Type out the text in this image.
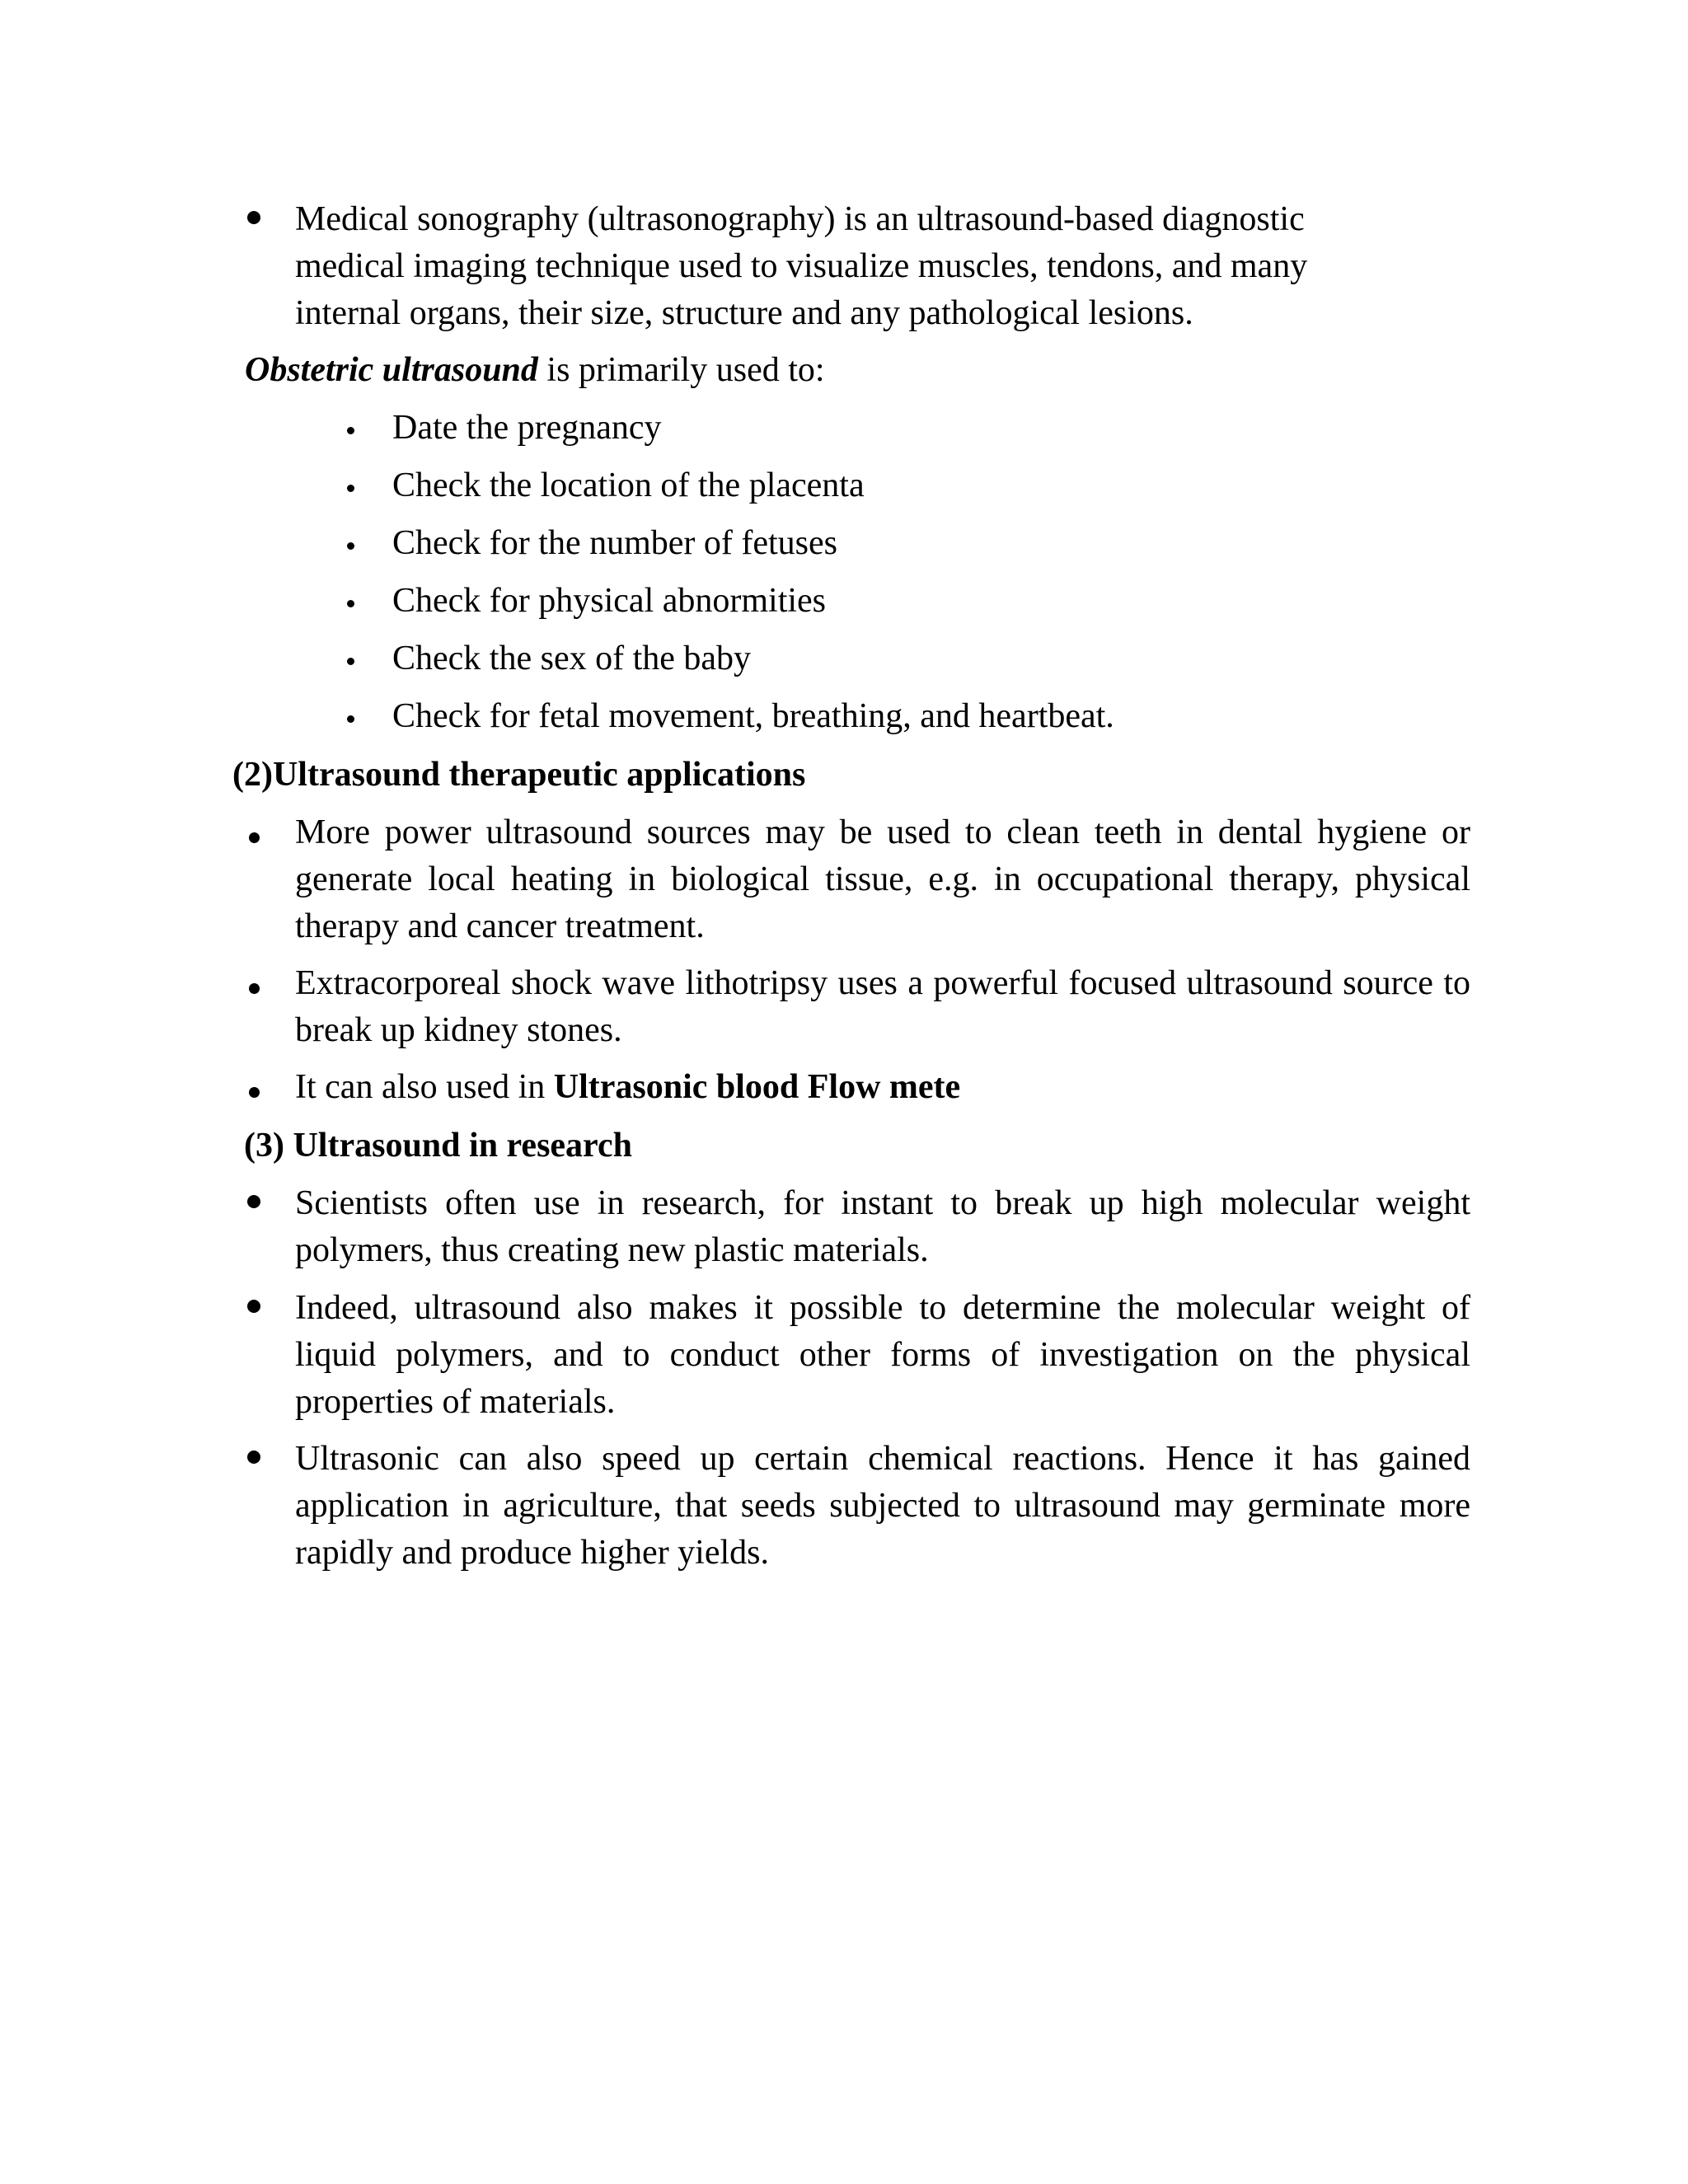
Medical sonography (ultrasonography) is an ultrasound-based diagnostic medical imaging technique used to visualize muscles, tendons, and many internal organs, their size, structure and any pathological lesions.
Obstetric ultrasound is primarily used to:
Date the pregnancy
Check the location of the placenta
Check for the number of fetuses
Check for physical abnormities
Check the sex of the baby
Check for fetal movement, breathing, and heartbeat.
(2)Ultrasound therapeutic applications
More power ultrasound sources may be used to clean teeth in dental hygiene or generate local heating in biological tissue, e.g. in occupational therapy, physical therapy and cancer treatment.
Extracorporeal shock wave lithotripsy uses a powerful focused ultrasound source to break up kidney stones.
It can also used in Ultrasonic blood Flow mete
(3) Ultrasound in research
Scientists often use in research, for instant to break up high molecular weight polymers, thus creating new plastic materials.
Indeed, ultrasound also makes it possible to determine the molecular weight of liquid polymers, and to conduct other forms of investigation on the physical properties of materials.
Ultrasonic can also speed up certain chemical reactions. Hence it has gained application in agriculture, that seeds subjected to ultrasound may germinate more rapidly and produce higher yields.
